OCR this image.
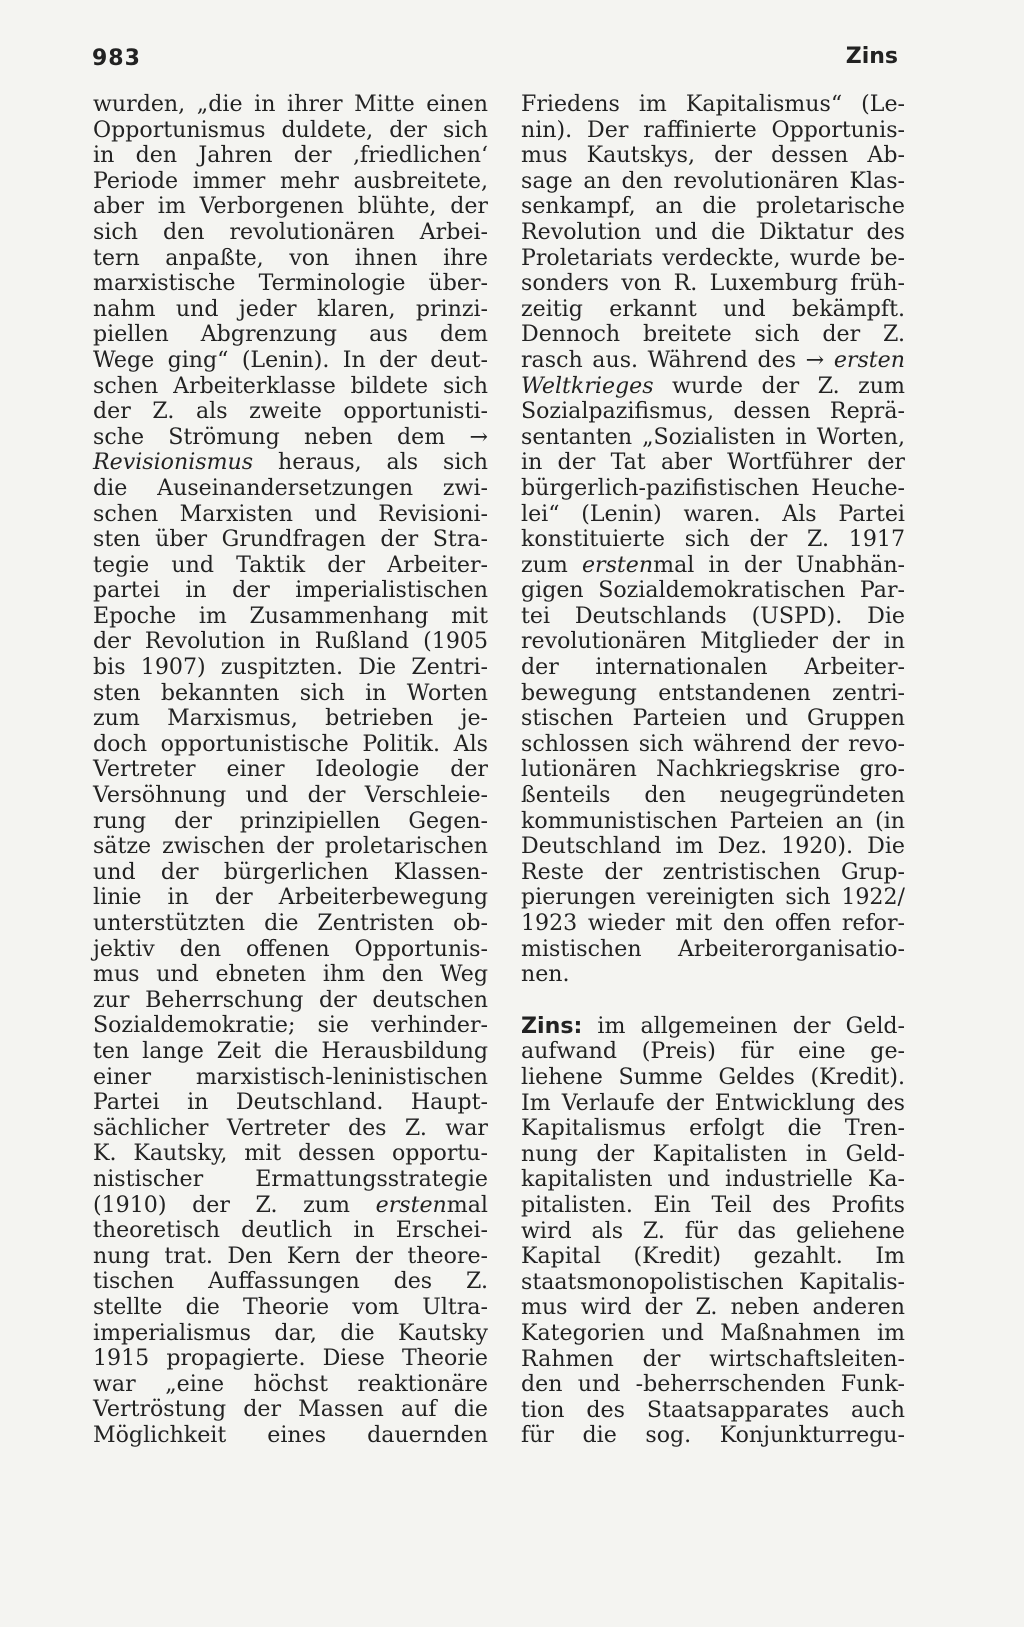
983	Zins
wurden, „die in ihrer Mitte einen
Opportunismus duldete, der sich
in den Jahren der ‚friedlichen‘
Periode immer mehr ausbreitete,
aber im Verborgenen blühte, der
sich den revolutionären Arbei-
tern anpaßte, von ihnen ihre
marxistische Terminologie über-
nahm und jeder klaren, prinzi-
piellen Abgrenzung aus dem
Wege ging“ (Lenin). In der deut-
schen Arbeiterklasse bildete sich
der Z. als zweite opportunisti-
sche Strömung neben dem →
Revisionismus heraus, als sich
die Auseinandersetzungen zwi-
schen Marxisten und Revisioni-
sten über Grundfragen der Stra-
tegie und Taktik der Arbeiter-
partei in der imperialistischen
Epoche im Zusammenhang mit
der Revolution in Rußland (1905
bis 1907) zuspitzten. Die Zentri-
sten bekannten sich in Worten
zum Marxismus, betrieben je-
doch opportunistische Politik. Als
Vertreter einer Ideologie der
Versöhnung und der Verschleie-
rung der prinzipiellen Gegen-
sätze zwischen der proletarischen
und der bürgerlichen Klassen-
linie in der Arbeiterbewegung
unterstützten die Zentristen ob-
jektiv den offenen Opportunis-
mus und ebneten ihm den Weg
zur Beherrschung der deutschen
Sozialdemokratie; sie verhinder-
ten lange Zeit die Herausbildung
einer marxistisch-leninistischen
Partei in Deutschland. Haupt-
sächlicher Vertreter des Z. war
K. Kautsky, mit dessen opportu-
nistischer Ermattungsstrategie
(1910) der Z. zum erstenmal
theoretisch deutlich in Erschei-
nung trat. Den Kern der theore-
tischen Auffassungen des Z.
stellte die Theorie vom Ultra-
imperialismus dar, die Kautsky
1915 propagierte. Diese Theorie
war „eine höchst reaktionäre
Vertröstung der Massen auf die
Möglichkeit eines dauernden
Friedens im Kapitalismus“ (Le-
nin). Der raffinierte Opportunis-
mus Kautskys, der dessen Ab-
sage an den revolutionären Klas-
senkampf, an die proletarische
Revolution und die Diktatur des
Proletariats verdeckte, wurde be-
sonders von R. Luxemburg früh-
zeitig erkannt und bekämpft.
Dennoch breitete sich der Z.
rasch aus. Während des → ersten
Weltkrieges wurde der Z. zum
Sozialpazifismus, dessen Reprä-
sentanten „Sozialisten in Worten,
in der Tat aber Wortführer der
bürgerlich-pazifistischen Heuche-
lei“ (Lenin) waren. Als Partei
konstituierte sich der Z. 1917
zum erstenmal in der Unabhän-
gigen Sozialdemokratischen Par-
tei Deutschlands (USPD). Die
revolutionären Mitglieder der in
der internationalen Arbeiter-
bewegung entstandenen zentri-
stischen Parteien und Gruppen
schlossen sich während der revo-
lutionären Nachkriegskrise gro-
ßenteils den neugegründeten
kommunistischen Parteien an (in
Deutschland im Dez. 1920). Die
Reste der zentristischen Grup-
pierungen vereinigten sich 1922/
1923 wieder mit den offen refor-
mistischen Arbeiterorganisatio-
nen.
Zins: im allgemeinen der Geld-
aufwand (Preis) für eine ge-
liehene Summe Geldes (Kredit).
Im Verlaufe der Entwicklung des
Kapitalismus erfolgt die Tren-
nung der Kapitalisten in Geld-
kapitalisten und industrielle Ka-
pitalisten. Ein Teil des Profits
wird als Z. für das geliehene
Kapital (Kredit) gezahlt. Im
staatsmonopolistischen Kapitalis-
mus wird der Z. neben anderen
Kategorien und Maßnahmen im
Rahmen der wirtschaftsleiten-
den und -beherrschenden Funk-
tion des Staatsapparates auch
für die sog. Konjunkturregu-
